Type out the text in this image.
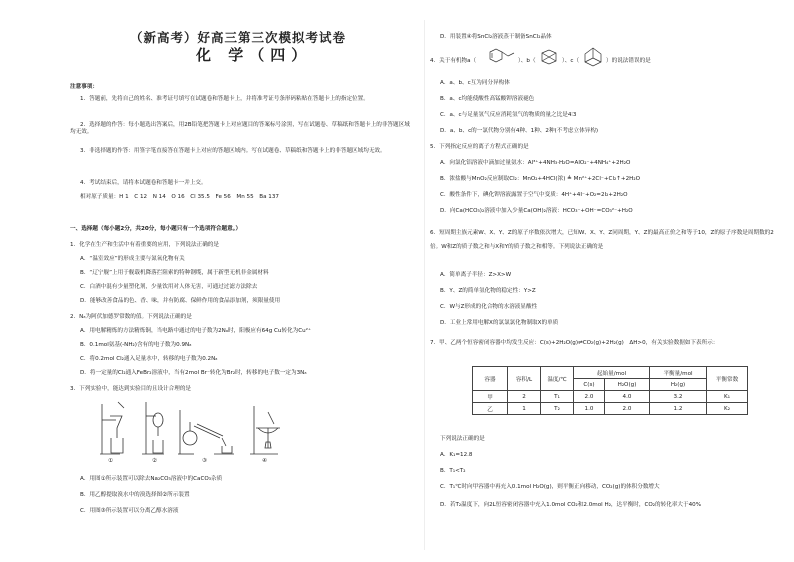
（新高考）好高三第三次模拟考试卷
化 学（四）
注意事项：
1．答题前，先将自己的姓名、准考证号填写在试题卷和答题卡上，并将准考证号条形码粘贴在答题卡上的指定位置。
2．选择题的作答：每小题选出答案后，用2B铅笔把答题卡上对应题目的答案标号涂黑，写在试题卷、草稿纸和答题卡上的非答题区域均无效。
3．非选择题的作答：用签字笔直接答在答题卡上对应的答题区域内。写在试题卷、草稿纸和答题卡上的非答题区域均无效。
4．考试结束后，请将本试题卷和答题卡一并上交。
相对原子质量：H 1　C 12　N 14　O 16　Cl 35.5　Fe 56　Mn 55　Ba 137
一、选择题（每小题2分，共20分，每小题只有一个选项符合题意。）
1．化学在生产和生活中有着重要的应用，下列说法正确的是
A．“温室效应”的形成主要与氮氧化物有关
B．“辽宁舰”上用于舰载机降落拦阻索的特种钢缆，属于新型无机非金属材料
C．白酒中混有少量塑化剂，少量饮用对人体无害，可通过过滤方法除去
D．能够改善食品的色、香、味，并有防腐、保鲜作用的食品添加剂，须限量使用
2．Nₐ为阿伏加德罗常数的值。下列说法正确的是
A．用电解精炼的方法精炼铜，当电路中通过的电子数为2Nₐ时，阳极应有64g Cu转化为Cu²⁺
B．0.1mol氨基(-NH₂)含有的电子数为0.9Nₐ
C．将0.2mol Cl₂通入足量水中，转移的电子数为0.2Nₐ
D．将一定量的Cl₂通入FeBr₂溶液中，当有2mol Br⁻转化为Br₂时，转移的电子数一定为3Nₐ
3．下列实验中，能达到实验目的且设计合理的是
①	②	③	④
A．用图①所示装置可以除去Na₂CO₃溶液中的CaCO₃杂质
B．用乙醇提取溴水中的溴选择图②所示装置
C．用图③所示装置可以分离乙醇水溶液
D．用装置④将SnCl₂溶液蒸干制备SnCl₂晶体
4．关于有机物a（	）、b（	）、c（	）的说法错误的是
A．a、b、c互为同分异构体
B．a、c均能使酸性高锰酸钾溶液褪色
C．a、c与足量氢气反应消耗氢气的物质的量之比是4∶3
D．a、b、c的一氯代物分别有4种、1种、2种(不考虑立体异构)
5．下列指定反应的离子方程式正确的是
A．向氯化铝溶液中滴加过量氨水：Al³⁺+4NH₃·H₂O=AlO₂⁻+4NH₄⁺+2H₂O
B．浓盐酸与MnO₂反应制取Cl₂：MnO₂+4HCl(浓) ≜ Mn²⁺+2Cl⁻+Cl₂↑+2H₂O
C．酸性条件下，碘化钾溶液露置于空气中变质：4H⁺+4I⁻+O₂=2I₂+2H₂O
D．向Ca(HCO₃)₂溶液中加入少量Ca(OH)₂溶液：HCO₃⁻+OH⁻=CO₃²⁻+H₂O
6．短周期主族元素W、X、Y、Z的原子序数依次增大，已知W、X、Y、Z同周期，Y、Z的最高正价之和等于10，Z的原子序数是周期数的2倍。W和Z的质子数之和与X和Y的质子数之和相等。下列说法正确的是
A．简单离子半径：Z>X>W
B．Y、Z的简单氢化物的稳定性：Y>Z
C．W与Z形成的化合物的水溶液显酸性
D．工业上常用电解X的氯氯氯化物制取X的单质
7．甲、乙两个恒容密闭容器中均发生反应：C(s)+2H₂O(g)⇌CO₂(g)+2H₂(g)　ΔH>0，有关实验数据如下表所示：
容器	容积/L	温度/℃	起始量/mol		平衡量/mol	平衡常数
			C(s)	H₂O(g)	H₂(g)	
甲	2	T₁	2.0	4.0	3.2	K₁
乙	1	T₂	1.0	2.0	1.2	K₂
下列说法正确的是
A．K₁=12.8
B．T₁<T₂
C．T₁℃时向甲容器中再充入0.1mol H₂O(g)，则平衡正向移动，CO₂(g)的体积分数增大
D．若T₂温度下，向2L恒容密闭容器中充入1.0mol CO₂和2.0mol H₂，达平衡时，CO₂的转化率大于40%
